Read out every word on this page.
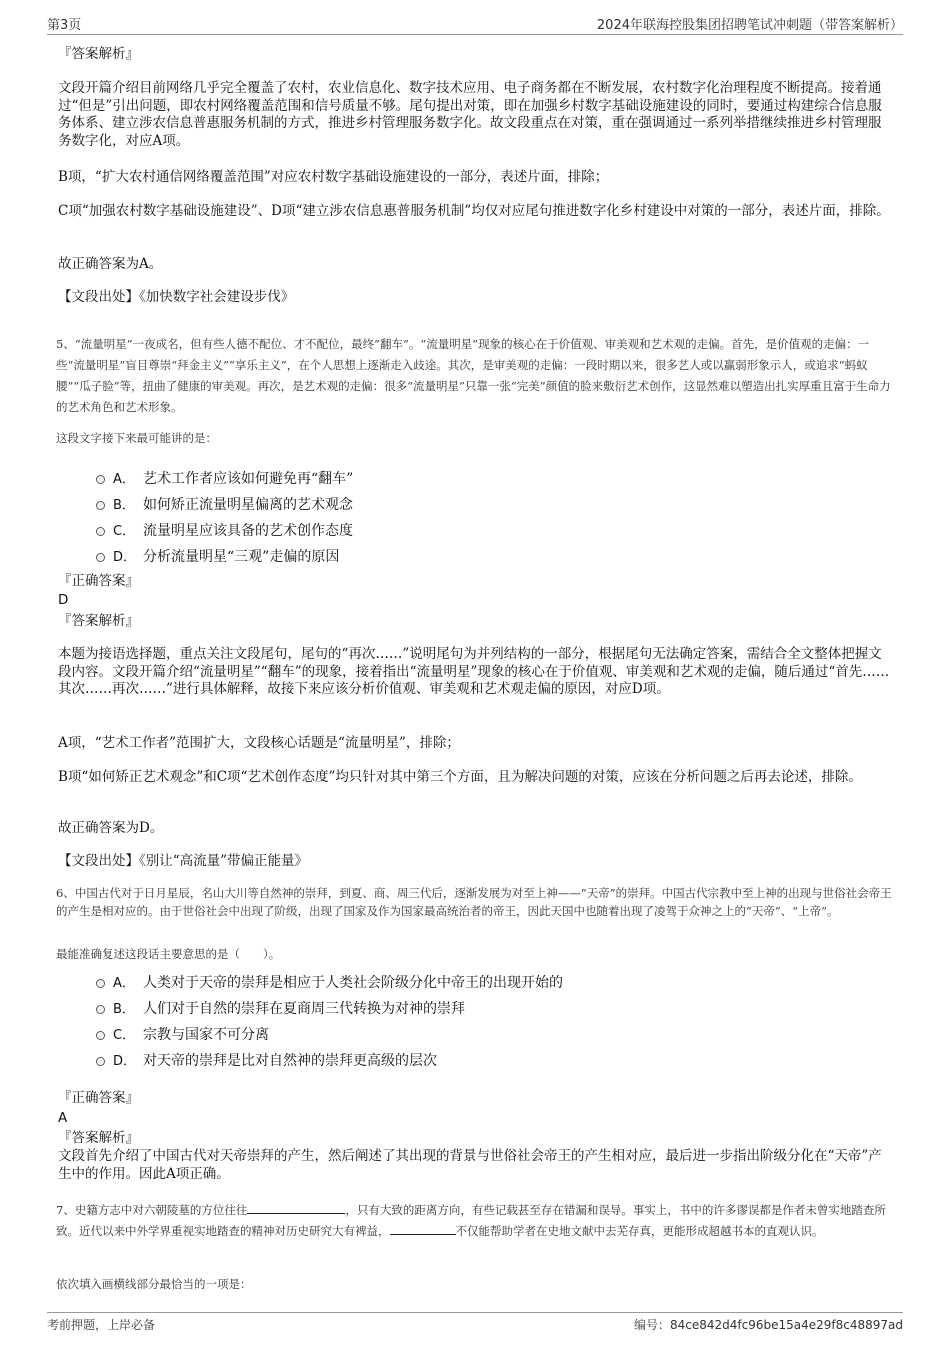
第3页	2024年联海控股集团招聘笔试冲刺题（带答案解析）
『答案解析』

文段开篇介绍目前网络几乎完全覆盖了农村，农业信息化、数字技术应用、电子商务都在不断发展，农村数字化治理程度不断提高。接着通过“但是”引出问题，即农村网络覆盖范围和信号质量不够。尾句提出对策，即在加强乡村数字基础设施建设的同时，要通过构建综合信息服务体系、建立涉农信息普惠服务机制的方式，推进乡村管理服务数字化。故文段重点在对策，重在强调通过一系列举措继续推进乡村管理服务数字化，对应A项。

B项，“扩大农村通信网络覆盖范围”对应农村数字基础设施建设的一部分，表述片面，排除；

C项“加强农村数字基础设施建设”、D项“建立涉农信息惠普服务机制”均仅对应尾句推进数字化乡村建设中对策的一部分，表述片面，排除。

故正确答案为A。

【文段出处】《加快数字社会建设步伐》

5、“流量明星”一夜成名，但有些人德不配位、才不配位，最终“翻车”。“流量明星”现象的核心在于价值观、审美观和艺术观的走偏。首先，是价值观的走偏：一些“流量明星”盲目尊崇“拜金主义”“享乐主义”，在个人思想上逐渐走入歧途。其次，是审美观的走偏：一段时期以来，很多艺人或以赢弱形象示人，或追求“蚂蚁腰”“瓜子脸”等，扭曲了健康的审美观。再次，是艺术观的走偏：很多“流量明星”只靠一张“完美”颜值的脸来敷衍艺术创作，这显然难以塑造出扎实厚重且富于生命力的艺术角色和艺术形象。

这段文字接下来最可能讲的是：

A． 艺术工作者应该如何避免再“翻车”
B． 如何矫正流量明星偏离的艺术观念
C． 流量明星应该具备的艺术创作态度
D． 分析流量明星“三观”走偏的原因
『正确答案』
D
『答案解析』

本题为接语选择题，重点关注文段尾句，尾句的“再次……”说明尾句为并列结构的一部分，根据尾句无法确定答案，需结合全文整体把握文段内容。文段开篇介绍“流量明星”“翻车”的现象，接着指出“流量明星”现象的核心在于价值观、审美观和艺术观的走偏，随后通过“首先……其次……再次……”进行具体解释，故接下来应该分析价值观、审美观和艺术观走偏的原因，对应D项。

A项，“艺术工作者”范围扩大，文段核心话题是“流量明星”，排除；

B项“如何矫正艺术观念”和C项“艺术创作态度”均只针对其中第三个方面，且为解决问题的对策，应该在分析问题之后再去论述，排除。

故正确答案为D。

【文段出处】《别让“高流量”带偏正能量》

6、中国古代对于日月星辰，名山大川等自然神的崇拜，到夏、商、周三代后，逐渐发展为对至上神——“天帝”的崇拜。中国古代宗教中至上神的出现与世俗社会帝王的产生是相对应的。由于世俗社会中出现了阶级，出现了国家及作为国家最高统治者的帝王，因此天国中也随着出现了凌驾于众神之上的“天帝”、“上帝”。

最能准确复述这段话主要意思的是（　　）。

A． 人类对于天帝的崇拜是相应于人类社会阶级分化中帝王的出现开始的
B． 人们对于自然的崇拜在夏商周三代转换为对神的崇拜
C． 宗教与国家不可分离
D． 对天帝的崇拜是比对自然神的崇拜更高级的层次
『正确答案』
A
『答案解析』

文段首先介绍了中国古代对天帝崇拜的产生，然后阐述了其出现的背景与世俗社会帝王的产生相对应，最后进一步指出阶级分化在“天帝”产生中的作用。因此A项正确。

7、史籍方志中对六朝陵墓的方位往往	，只有大致的距离方向，有些记载甚至存在错漏和误导。事实上，书中的许多谬误都是作者未曾实地踏查所致。近代以来中外学界重视实地踏查的精神对历史研究大有裨益，	不仅能帮助学者在史地文献中去芜存真，更能形成超越书本的直观认识。

依次填入画横线部分最恰当的一项是：

考前押题，上岸必备	编号：84ce842d4fc96be15a4e29f8c48897ad
